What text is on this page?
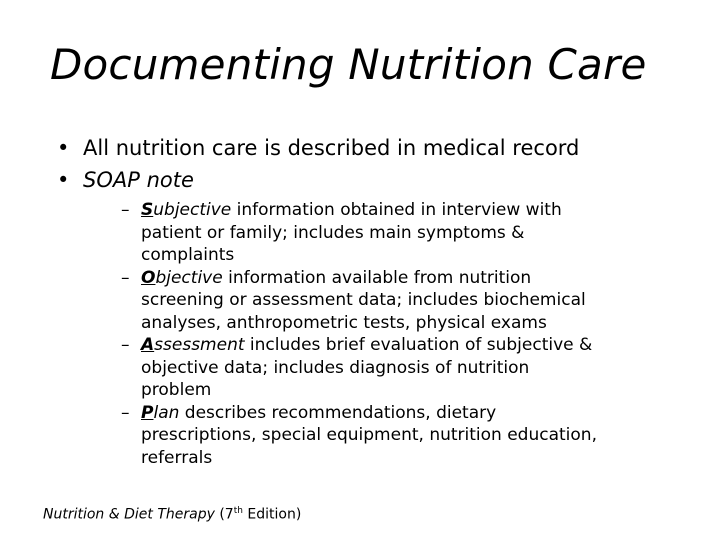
Documenting Nutrition Care
• All nutrition care is described in medical record
• SOAP note
– Subjective information obtained in interview with
patient or family; includes main symptoms &
complaints
– Objective information available from nutrition
screening or assessment data; includes biochemical
analyses, anthropometric tests, physical exams
– Assessment includes brief evaluation of subjective &
objective data; includes diagnosis of nutrition
problem
– Plan describes recommendations, dietary
prescriptions, special equipment, nutrition education,
referrals
Nutrition & Diet Therapy (7th Edition)
